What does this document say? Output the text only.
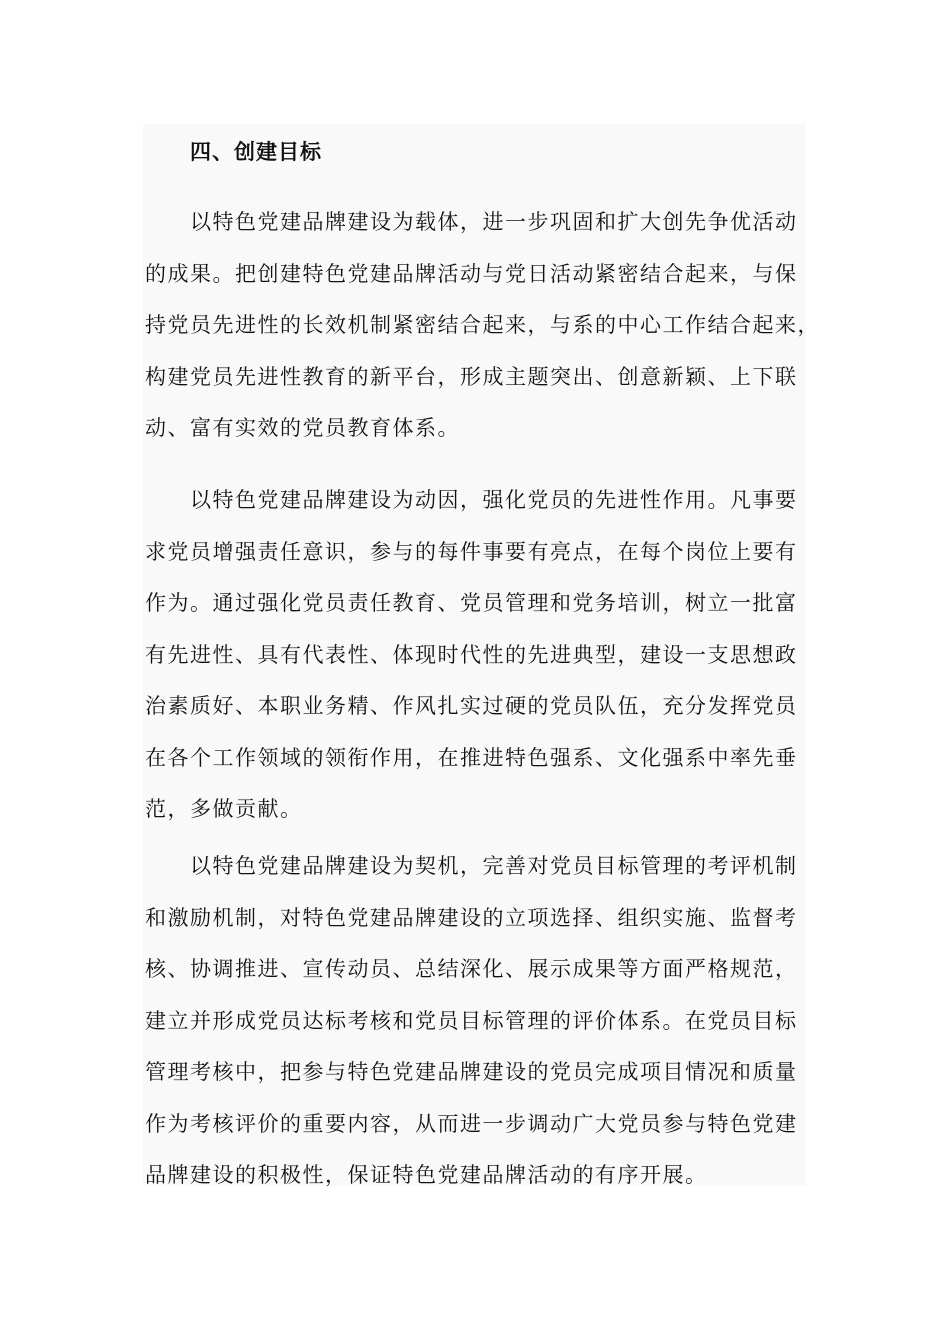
四、创建目标

以特色党建品牌建设为载体，进一步巩固和扩大创先争优活动
的成果。把创建特色党建品牌活动与党日活动紧密结合起来，与保
持党员先进性的长效机制紧密结合起来，与系的中心工作结合起来，
构建党员先进性教育的新平台，形成主题突出、创意新颖、上下联
动、富有实效的党员教育体系。

以特色党建品牌建设为动因，强化党员的先进性作用。凡事要
求党员增强责任意识，参与的每件事要有亮点，在每个岗位上要有
作为。通过强化党员责任教育、党员管理和党务培训，树立一批富
有先进性、具有代表性、体现时代性的先进典型，建设一支思想政
治素质好、本职业务精、作风扎实过硬的党员队伍，充分发挥党员
在各个工作领域的领衔作用，在推进特色强系、文化强系中率先垂
范，多做贡献。

以特色党建品牌建设为契机，完善对党员目标管理的考评机制
和激励机制，对特色党建品牌建设的立项选择、组织实施、监督考
核、协调推进、宣传动员、总结深化、展示成果等方面严格规范，
建立并形成党员达标考核和党员目标管理的评价体系。在党员目标
管理考核中，把参与特色党建品牌建设的党员完成项目情况和质量
作为考核评价的重要内容，从而进一步调动广大党员参与特色党建
品牌建设的积极性，保证特色党建品牌活动的有序开展。
